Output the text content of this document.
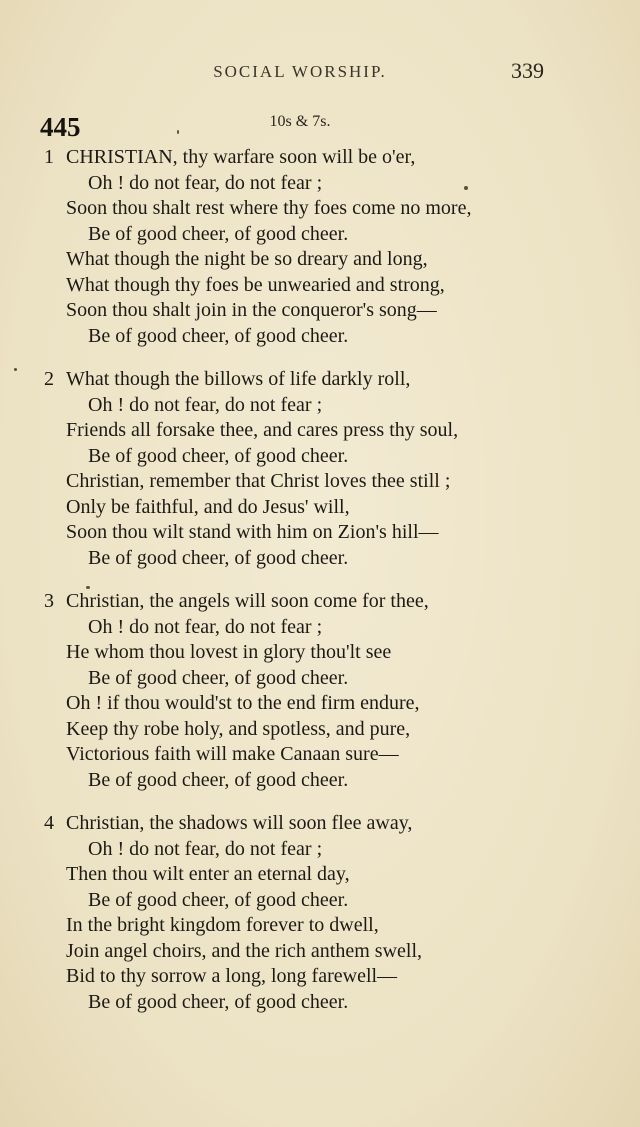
SOCIAL WORSHIP.	339
445	10s & 7s.
1 CHRISTIAN, thy warfare soon will be o'er,
Oh ! do not fear, do not fear ;
Soon thou shalt rest where thy foes come no more,
Be of good cheer, of good cheer.
What though the night be so dreary and long,
What though thy foes be unwearied and strong,
Soon thou shalt join in the conqueror's song—
Be of good cheer, of good cheer.
2 What though the billows of life darkly roll,
Oh ! do not fear, do not fear ;
Friends all forsake thee, and cares press thy soul,
Be of good cheer, of good cheer.
Christian, remember that Christ loves thee still ;
Only be faithful, and do Jesus' will,
Soon thou wilt stand with him on Zion's hill—
Be of good cheer, of good cheer.
3 Christian, the angels will soon come for thee,
Oh ! do not fear, do not fear ;
He whom thou lovest in glory thou'lt see
Be of good cheer, of good cheer.
Oh ! if thou would'st to the end firm endure,
Keep thy robe holy, and spotless, and pure,
Victorious faith will make Canaan sure—
Be of good cheer, of good cheer.
4 Christian, the shadows will soon flee away,
Oh ! do not fear, do not fear ;
Then thou wilt enter an eternal day,
Be of good cheer, of good cheer.
In the bright kingdom forever to dwell,
Join angel choirs, and the rich anthem swell,
Bid to thy sorrow a long, long farewell—
Be of good cheer, of good cheer.
